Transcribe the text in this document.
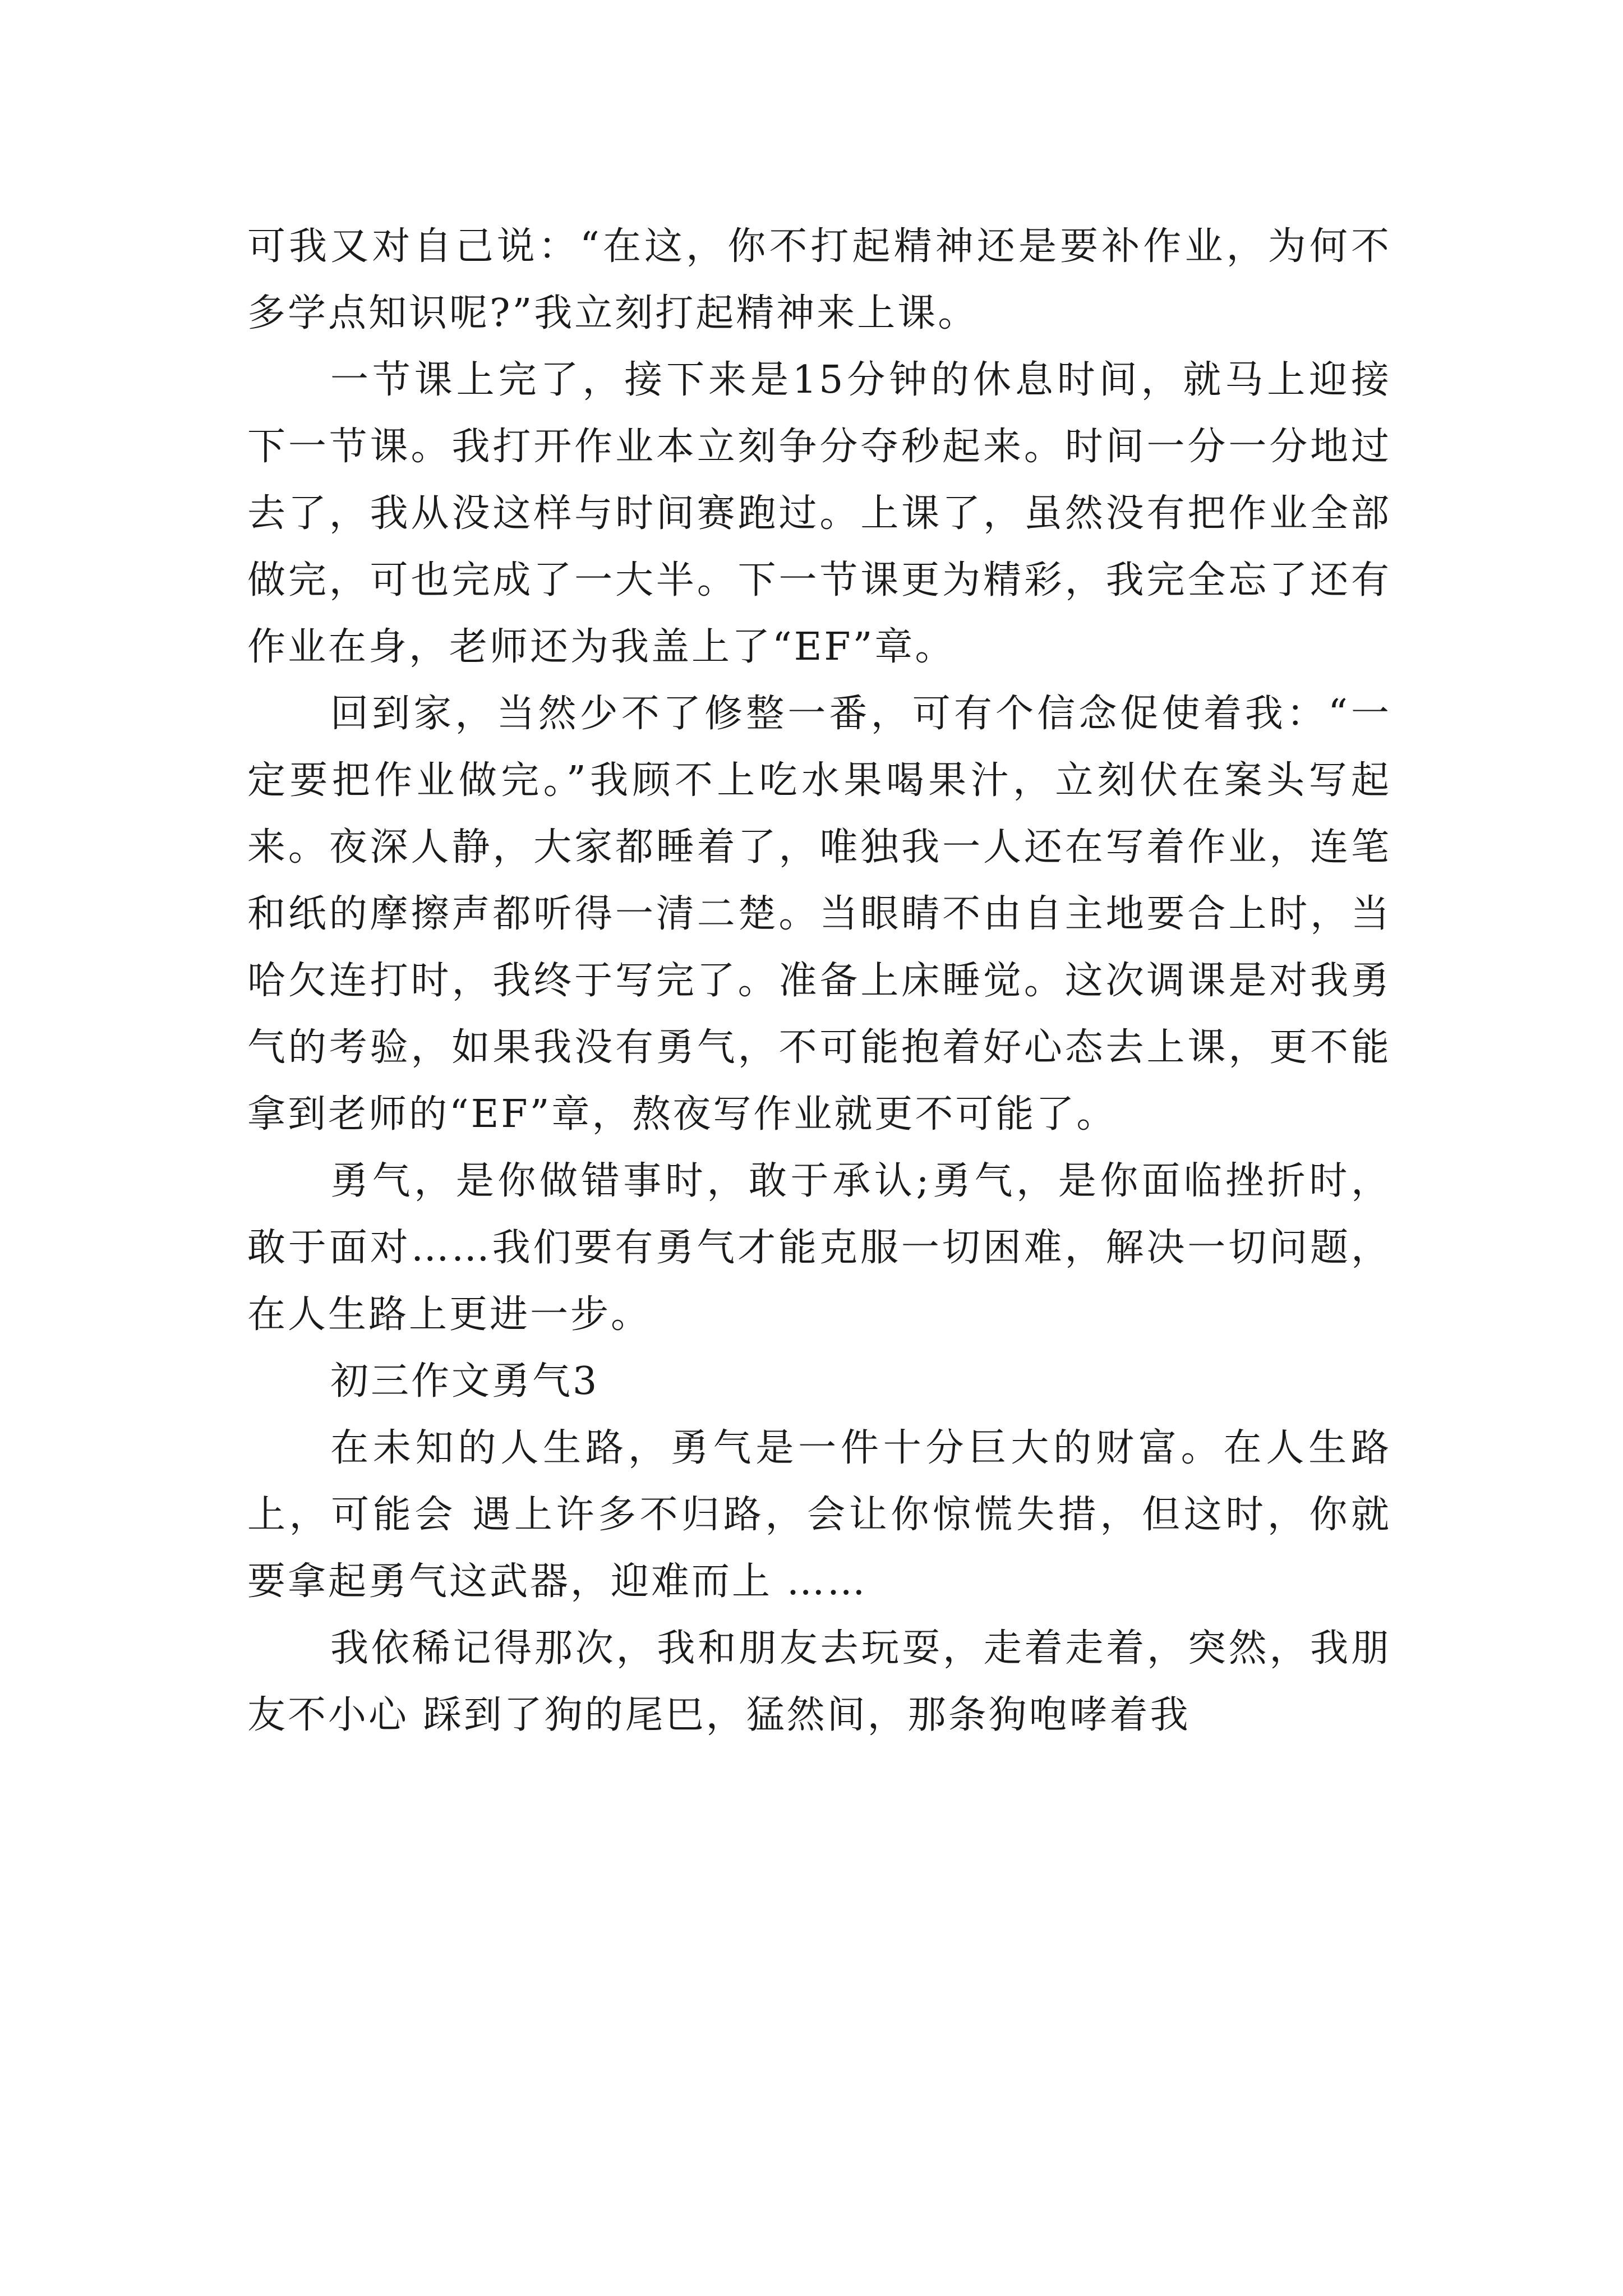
可我又对自己说：“在这，你不打起精神还是要补作业，为何不多学点知识呢?”我立刻打起精神来上课。

一节课上完了，接下来是15分钟的休息时间，就马上迎接下一节课。我打开作业本立刻争分夺秒起来。时间一分一分地过去了，我从没这样与时间赛跑过。上课了，虽然没有把作业全部做完，可也完成了一大半。下一节课更为精彩，我完全忘了还有作业在身，老师还为我盖上了“EF”章。

回到家，当然少不了修整一番，可有个信念促使着我：“一定要把作业做完。”我顾不上吃水果喝果汁，立刻伏在案头写起来。夜深人静，大家都睡着了，唯独我一人还在写着作业，连笔和纸的摩擦声都听得一清二楚。当眼睛不由自主地要合上时，当哈欠连打时，我终于写完了。准备上床睡觉。这次调课是对我勇气的考验，如果我没有勇气，不可能抱着好心态去上课，更不能拿到老师的“EF”章，熬夜写作业就更不可能了。

勇气，是你做错事时，敢于承认;勇气，是你面临挫折时，敢于面对……我们要有勇气才能克服一切困难，解决一切问题，在人生路上更进一步。

初三作文勇气3

在未知的人生路，勇气是一件十分巨大的财富。在人生路上，可能会 遇上许多不归路，会让你惊慌失措，但这时，你就要拿起勇气这武器，迎难而上 ……

我依稀记得那次，我和朋友去玩耍，走着走着，突然，我朋友不小心 踩到了狗的尾巴，猛然间，那条狗咆哮着我
